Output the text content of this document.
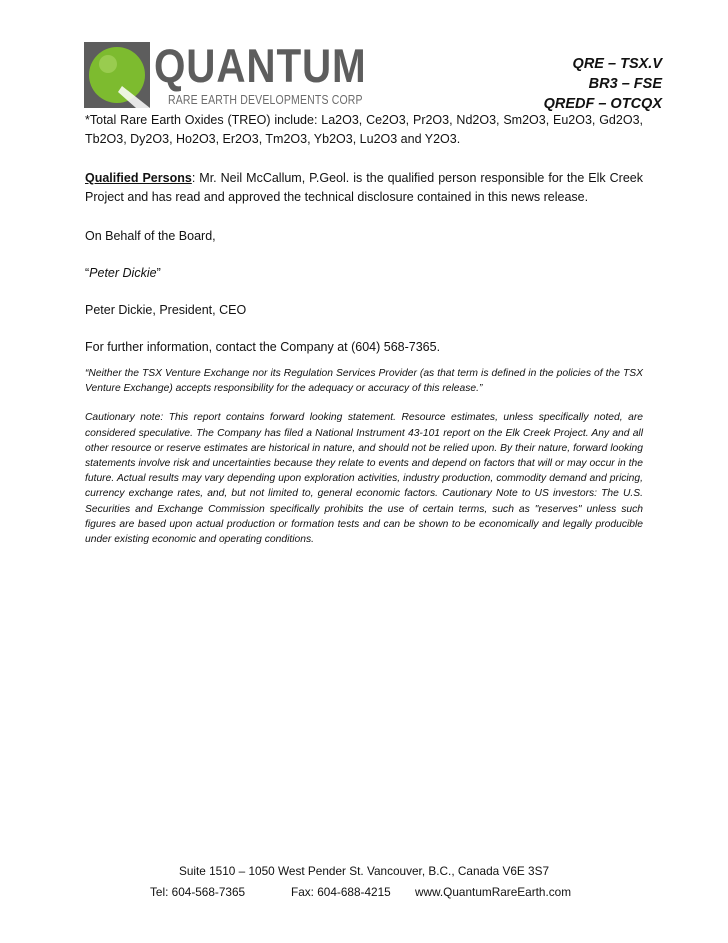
QUANTUM
RARE EARTH DEVELOPMENTS CORP
QRE – TSX.V
BR3 – FSE
QREDF – OTCQX

*Total Rare Earth Oxides (TREO) include: La2O3, Ce2O3, Pr2O3, Nd2O3, Sm2O3, Eu2O3, Gd2O3, Tb2O3, Dy2O3, Ho2O3, Er2O3, Tm2O3, Yb2O3, Lu2O3 and Y2O3.

Qualified Persons: Mr. Neil McCallum, P.Geol. is the qualified person responsible for the Elk Creek Project and has read and approved the technical disclosure contained in this news release.

On Behalf of the Board,

“Peter Dickie”

Peter Dickie, President, CEO

For further information, contact the Company at (604) 568-7365.

“Neither the TSX Venture Exchange nor its Regulation Services Provider (as that term is defined in the policies of the TSX Venture Exchange) accepts responsibility for the adequacy or accuracy of this release.”

Cautionary note: This report contains forward looking statement. Resource estimates, unless specifically noted, are considered speculative. The Company has filed a National Instrument 43-101 report on the Elk Creek Project. Any and all other resource or reserve estimates are historical in nature, and should not be relied upon. By their nature, forward looking statements involve risk and uncertainties because they relate to events and depend on factors that will or may occur in the future. Actual results may vary depending upon exploration activities, industry production, commodity demand and pricing, currency exchange rates, and, but not limited to, general economic factors. Cautionary Note to US investors: The U.S. Securities and Exchange Commission specifically prohibits the use of certain terms, such as "reserves" unless such figures are based upon actual production or formation tests and can be shown to be economically and legally producible under existing economic and operating conditions.

Suite 1510 – 1050 West Pender St. Vancouver, B.C., Canada V6E 3S7
Tel: 604-568-7365	Fax: 604-688-4215 www.QuantumRareEarth.com
